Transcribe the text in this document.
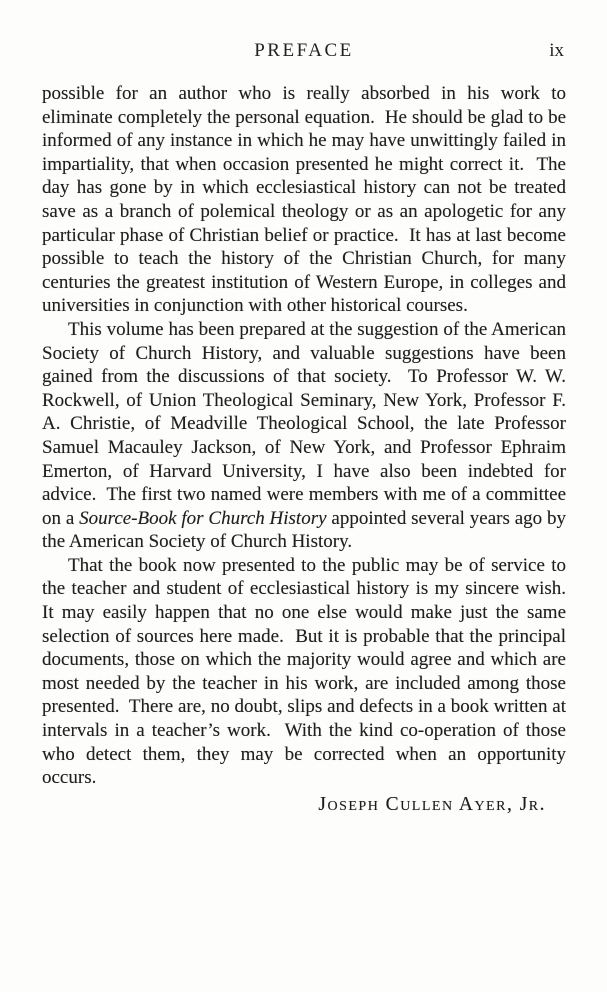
PREFACE	ix

possible for an author who is really absorbed in his work to eliminate completely the personal equation.  He should be glad to be informed of any instance in which he may have unwittingly failed in impartiality, that when occasion presented he might correct it.  The day has gone by in which ecclesiastical history can not be treated save as a branch of polemical theology or as an apologetic for any particular phase of Christian belief or practice.  It has at last become possible to teach the history of the Christian Church, for many centuries the greatest institution of Western Europe, in colleges and universities in conjunction with other historical courses.

This volume has been prepared at the suggestion of the American Society of Church History, and valuable suggestions have been gained from the discussions of that society.  To Professor W. W. Rockwell, of Union Theological Seminary, New York, Professor F. A. Christie, of Meadville Theological School, the late Professor Samuel Macauley Jackson, of New York, and Professor Ephraim Emerton, of Harvard University, I have also been indebted for advice.  The first two named were members with me of a committee on a Source-Book for Church History appointed several years ago by the American Society of Church History.

That the book now presented to the public may be of service to the teacher and student of ecclesiastical history is my sincere wish.  It may easily happen that no one else would make just the same selection of sources here made.  But it is probable that the principal documents, those on which the majority would agree and which are most needed by the teacher in his work, are included among those presented.  There are, no doubt, slips and defects in a book written at intervals in a teacher’s work.  With the kind co-operation of those who detect them, they may be corrected when an opportunity occurs.

Joseph Cullen Ayer, Jr.
